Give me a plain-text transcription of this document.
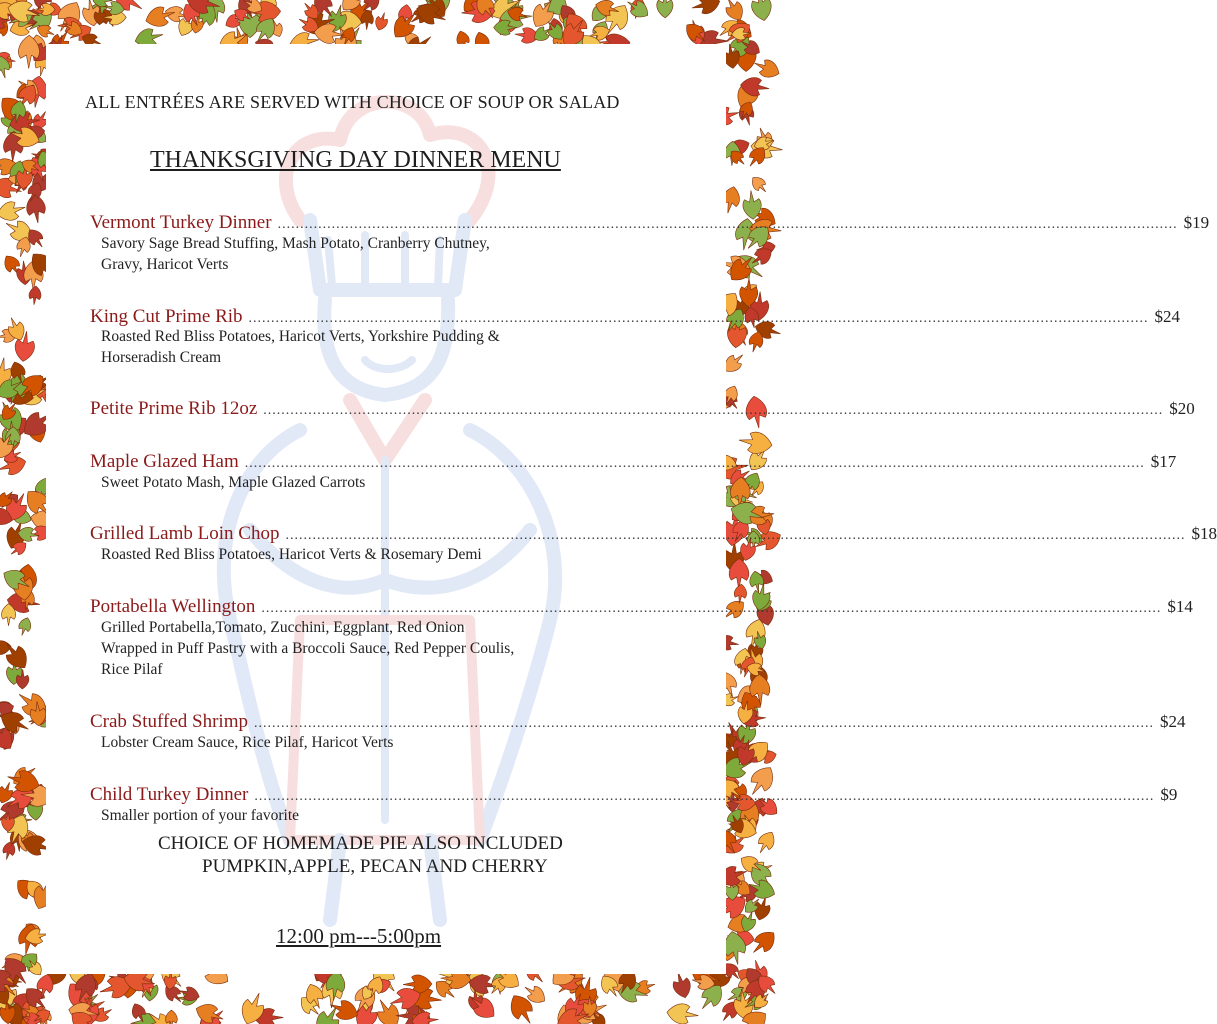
ALL ENTRÉES ARE SERVED WITH CHOICE OF SOUP OR SALAD
THANKSGIVING DAY DINNER MENU
Vermont Turkey Dinner ........................................................................................................................................................................................................ $19
Savory Sage Bread Stuffing, Mash Potato, Cranberry Chutney,
Gravy, Haricot Verts
King Cut Prime Rib ........................................................................................................................................................................................................ $24
Roasted Red Bliss Potatoes, Haricot Verts, Yorkshire Pudding &
Horseradish Cream
Petite Prime Rib 12oz ........................................................................................................................................................................................................ $20
Maple Glazed Ham ........................................................................................................................................................................................................ $17
Sweet Potato Mash, Maple Glazed Carrots
Grilled Lamb Loin Chop ........................................................................................................................................................................................................ $18
Roasted Red Bliss Potatoes, Haricot Verts & Rosemary Demi
Portabella Wellington ........................................................................................................................................................................................................ $14
Grilled Portabella,Tomato, Zucchini, Eggplant, Red Onion
Wrapped in Puff Pastry with a Broccoli Sauce, Red Pepper Coulis,
Rice Pilaf
Crab Stuffed Shrimp ........................................................................................................................................................................................................ $24
Lobster Cream Sauce, Rice Pilaf, Haricot Verts
Child Turkey Dinner ........................................................................................................................................................................................................ $9
Smaller portion of your favorite
CHOICE OF HOMEMADE PIE ALSO INCLUDED
PUMPKIN,APPLE, PECAN AND CHERRY
12:00 pm---5:00pm
